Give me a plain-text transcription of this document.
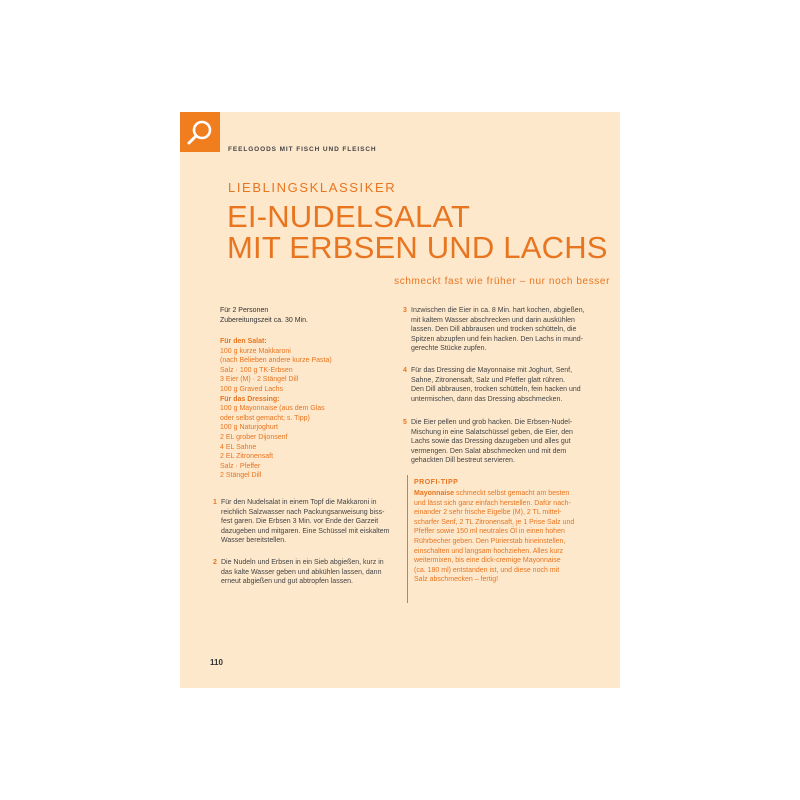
FEELGOODS MIT FISCH UND FLEISCH
LIEBLINGSKLASSIKER
EI-NUDELSALAT
MIT ERBSEN UND LACHS
schmeckt fast wie früher – nur noch besser
Für 2 Personen
Zubereitungszeit ca. 30 Min.
Für den Salat:
100 g kurze Makkaroni
(nach Belieben andere kurze Pasta)
Salz · 100 g TK-Erbsen
3 Eier (M) · 2 Stängel Dill
100 g Graved Lachs
Für das Dressing:
100 g Mayonnaise (aus dem Glas
oder selbst gemacht; s. Tipp)
100 g Naturjoghurt
2 EL grober Dijonsenf
4 EL Sahne
2 EL Zitronensaft
Salz · Pfeffer
2 Stängel Dill
1 Für den Nudelsalat in einem Topf die Makkaroni in
reichlich Salzwasser nach Packungsanweisung biss-
fest garen. Die Erbsen 3 Min. vor Ende der Garzeit
dazugeben und mitgaren. Eine Schüssel mit eiskaltem
Wasser bereitstellen.
2 Die Nudeln und Erbsen in ein Sieb abgießen, kurz in
das kalte Wasser geben und abkühlen lassen, dann
erneut abgießen und gut abtropfen lassen.
3 Inzwischen die Eier in ca. 8 Min. hart kochen, abgießen,
mit kaltem Wasser abschrecken und darin auskühlen
lassen. Den Dill abbrausen und trocken schütteln, die
Spitzen abzupfen und fein hacken. Den Lachs in mund-
gerechte Stücke zupfen.
4 Für das Dressing die Mayonnaise mit Joghurt, Senf,
Sahne, Zitronensaft, Salz und Pfeffer glatt rühren.
Den Dill abbrausen, trocken schütteln, fein hacken und
untermischen, dann das Dressing abschmecken.
5 Die Eier pellen und grob hacken. Die Erbsen-Nudel-
Mischung in eine Salatschüssel geben, die Eier, den
Lachs sowie das Dressing dazugeben und alles gut
vermengen. Den Salat abschmecken und mit dem
gehackten Dill bestreut servieren.
PROFI-TIPP
Mayonnaise schmeckt selbst gemacht am besten
und lässt sich ganz einfach herstellen. Dafür nach-
einander 2 sehr frische Eigelbe (M), 2 TL mittel-
scharfer Senf, 2 TL Zitronensaft, je 1 Prise Salz und
Pfeffer sowie 150 ml neutrales Öl in einen hohen
Rührbecher geben. Den Pürierstab hineinstellen,
einschalten und langsam hochziehen. Alles kurz
weitermixen, bis eine dick-cremige Mayonnaise
(ca. 180 ml) entstanden ist, und diese noch mit
Salz abschmecken – fertig!
110
